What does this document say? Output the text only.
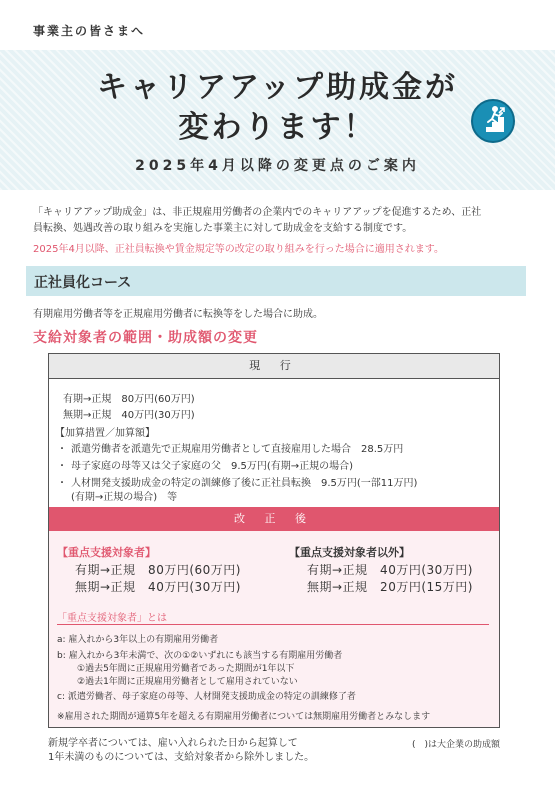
事業主の皆さまへ
キャリアアップ助成金が
変わります！
2025年4月以降の変更点のご案内
「キャリアアップ助成金」は、非正規雇用労働者の企業内でのキャリアアップを促進するため、正社
員転換、処遇改善の取り組みを実施した事業主に対して助成金を支給する制度です。
2025年4月以降、正社員転換や賃金規定等の改定の取り組みを行った場合に適用されます。
正社員化コース
有期雇用労働者等を正規雇用労働者に転換等をした場合に助成。
支給対象者の範囲・助成額の変更
現 行
有期→正規　80万円(60万円)
無期→正規　40万円(30万円)
【加算措置／加算額】
・ 派遣労働者を派遣先で正規雇用労働者として直接雇用した場合　28.5万円
・ 母子家庭の母等又は父子家庭の父　9.5万円(有期→正規の場合)
・ 人材開発支援助成金の特定の訓練修了後に正社員転換　9.5万円(一部11万円)
(有期→正規の場合)　等
改 正 後
【重点支援対象者】
有期→正規　80万円(60万円)
無期→正規　40万円(30万円)
【重点支援対象者以外】
有期→正規　40万円(30万円)
無期→正規　20万円(15万円)
「重点支援対象者」とは
a: 雇入れから3年以上の有期雇用労働者
b: 雇入れから3年未満で、次の①②いずれにも該当する有期雇用労働者
①過去5年間に正規雇用労働者であった期間が1年以下
②過去1年間に正規雇用労働者として雇用されていない
c: 派遣労働者、母子家庭の母等、人材開発支援助成金の特定の訓練修了者
※雇用された期間が通算5年を超える有期雇用労働者については無期雇用労働者とみなします
新規学卒者については、雇い入れられた日から起算して
1年未満のものについては、支給対象者から除外しました。
(　)は大企業の助成額
